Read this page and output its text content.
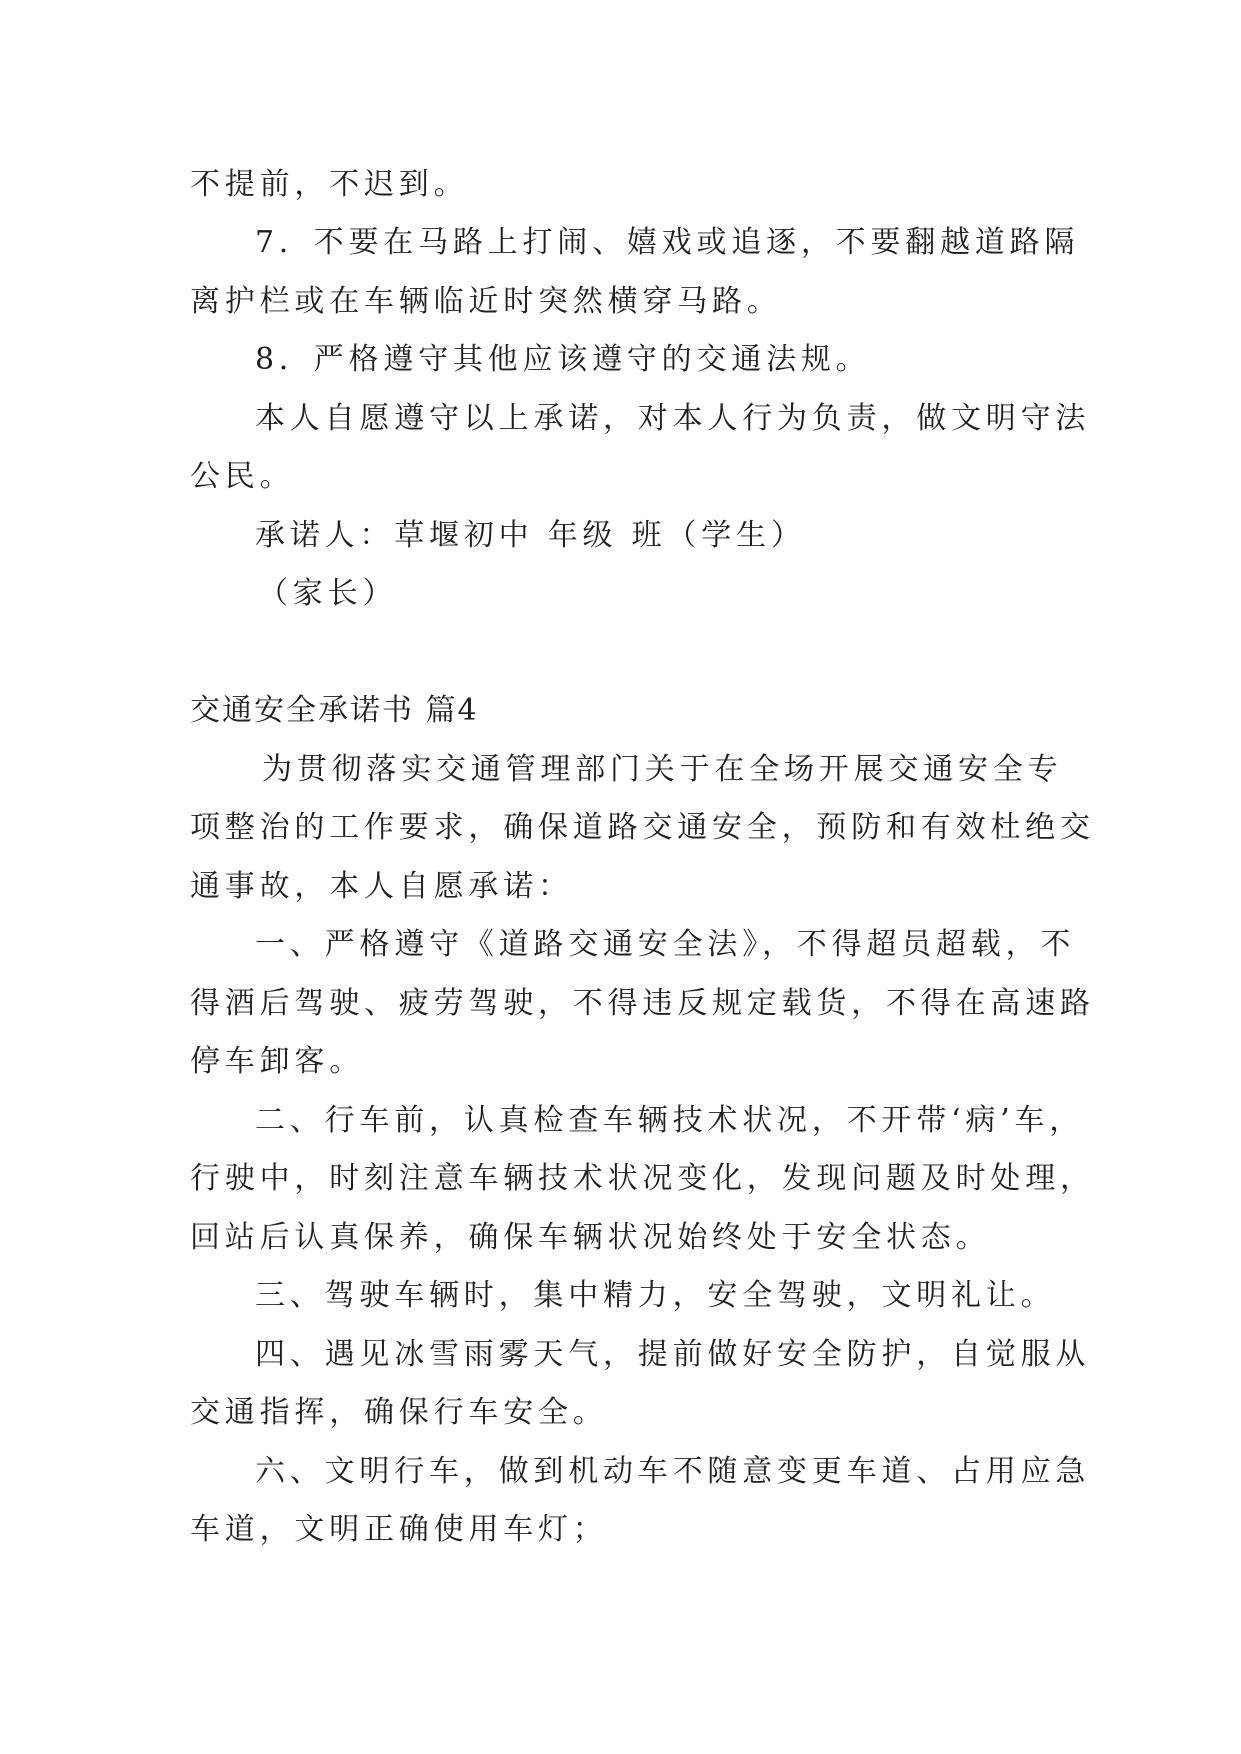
不提前，不迟到。
7．不要在马路上打闹、嬉戏或追逐，不要翻越道路隔
离护栏或在车辆临近时突然横穿马路。
8．严格遵守其他应该遵守的交通法规。
本人自愿遵守以上承诺，对本人行为负责，做文明守法
公民。
承诺人：草堰初中 年级 班（学生）
（家长）
交通安全承诺书 篇4
为贯彻落实交通管理部门关于在全场开展交通安全专
项整治的工作要求，确保道路交通安全，预防和有效杜绝交
通事故，本人自愿承诺：
一、严格遵守《道路交通安全法》，不得超员超载，不
得酒后驾驶、疲劳驾驶，不得违反规定载货，不得在高速路
停车卸客。
二、行车前，认真检查车辆技术状况，不开带‘病’车，
行驶中，时刻注意车辆技术状况变化，发现问题及时处理，
回站后认真保养，确保车辆状况始终处于安全状态。
三、驾驶车辆时，集中精力，安全驾驶，文明礼让。
四、遇见冰雪雨雾天气，提前做好安全防护，自觉服从
交通指挥，确保行车安全。
六、文明行车，做到机动车不随意变更车道、占用应急
车道，文明正确使用车灯；
